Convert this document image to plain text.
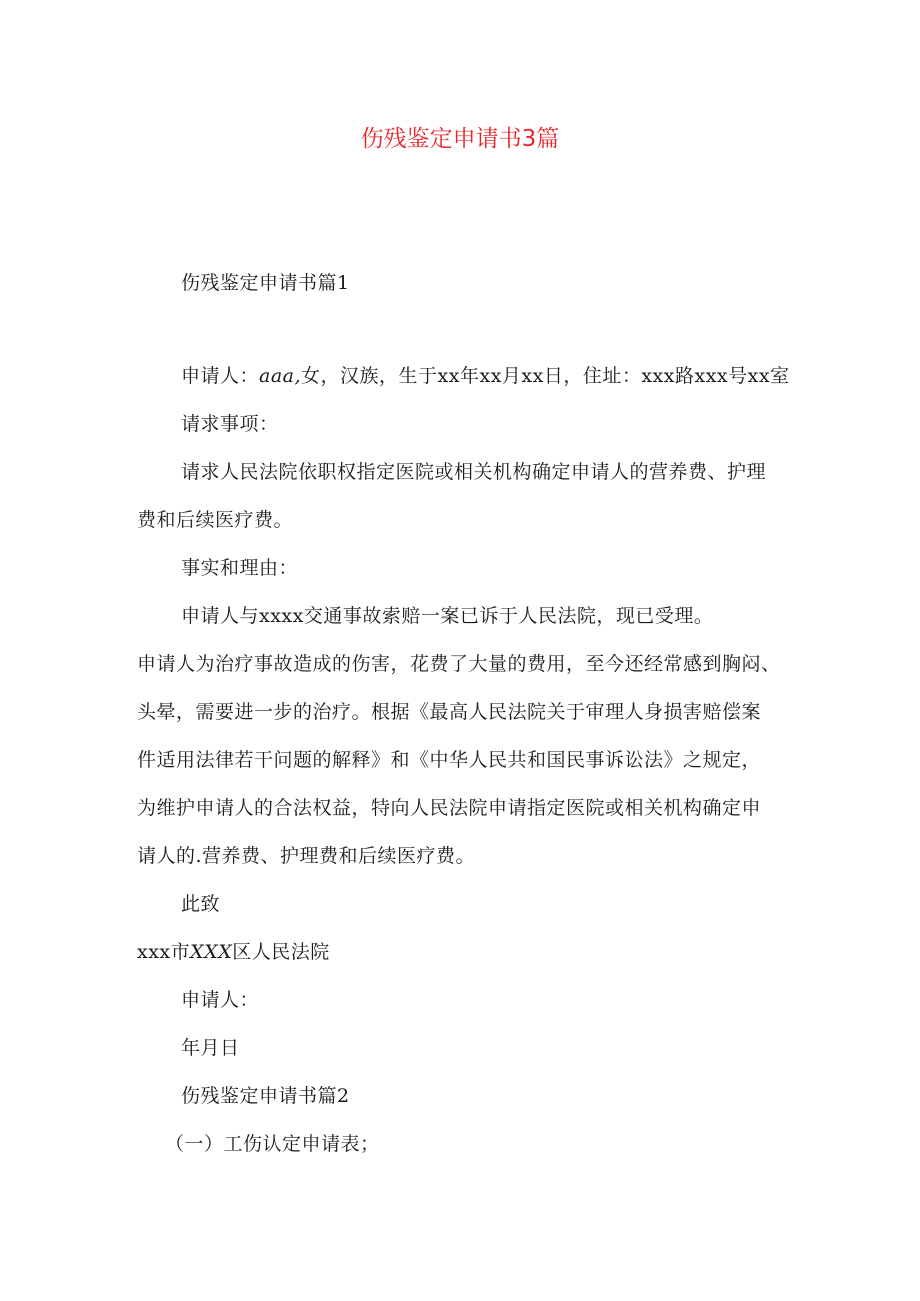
伤残鉴定申请书3篇
伤残鉴定申请书篇1
申请人：aaa,女，汉族，生于xx年xx月xx日，住址：xxx路xxx号xx室
请求事项：
请求人民法院依职权指定医院或相关机构确定申请人的营养费、护理
费和后续医疗费。
事实和理由：
申请人与xxxx交通事故索赔一案已诉于人民法院，现已受理。
申请人为治疗事故造成的伤害，花费了大量的费用，至今还经常感到胸闷、
头晕，需要进一步的治疗。根据《最高人民法院关于审理人身损害赔偿案
件适用法律若干问题的解释》和《中华人民共和国民事诉讼法》之规定，
为维护申请人的合法权益，特向人民法院申请指定医院或相关机构确定申
请人的.营养费、护理费和后续医疗费。
此致
xxx市XXX区人民法院
申请人：
年月日
伤残鉴定申请书篇2
（一）工伤认定申请表；
